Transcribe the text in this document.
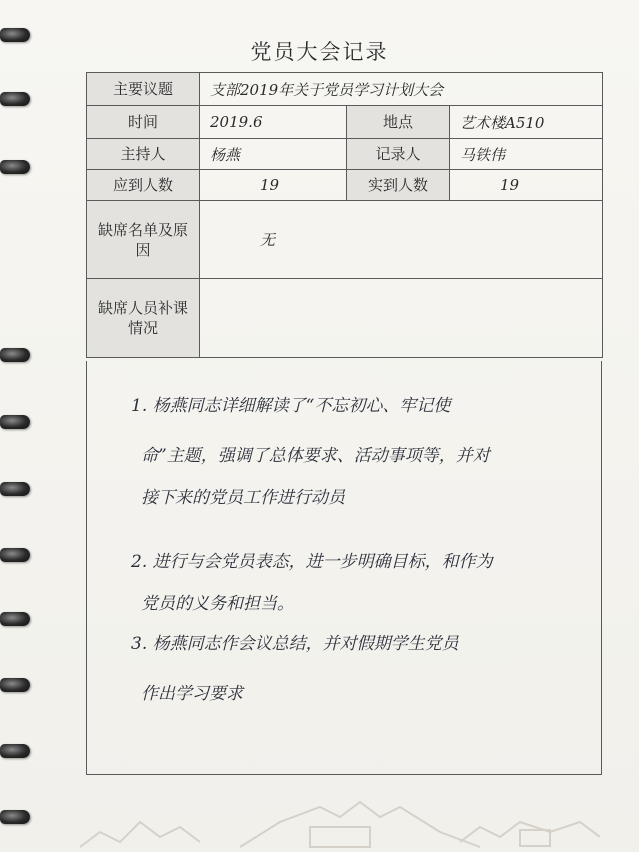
党员大会记录
主要议题	支部2019年关于党员学习计划大会		
时间	2019.6	地点	艺术楼A510
主持人	杨燕	记录人	马铁伟
应到人数	19	实到人数	19
缺席名单及原因	无		
缺席人员补课情况			
1. 杨燕同志详细解读了“不忘初心、牢记使
命”主题，强调了总体要求、活动事项等，并对
接下来的党员工作进行动员
2. 进行与会党员表态，进一步明确目标，和作为
党员的义务和担当。
3. 杨燕同志作会议总结，并对假期学生党员
作出学习要求
